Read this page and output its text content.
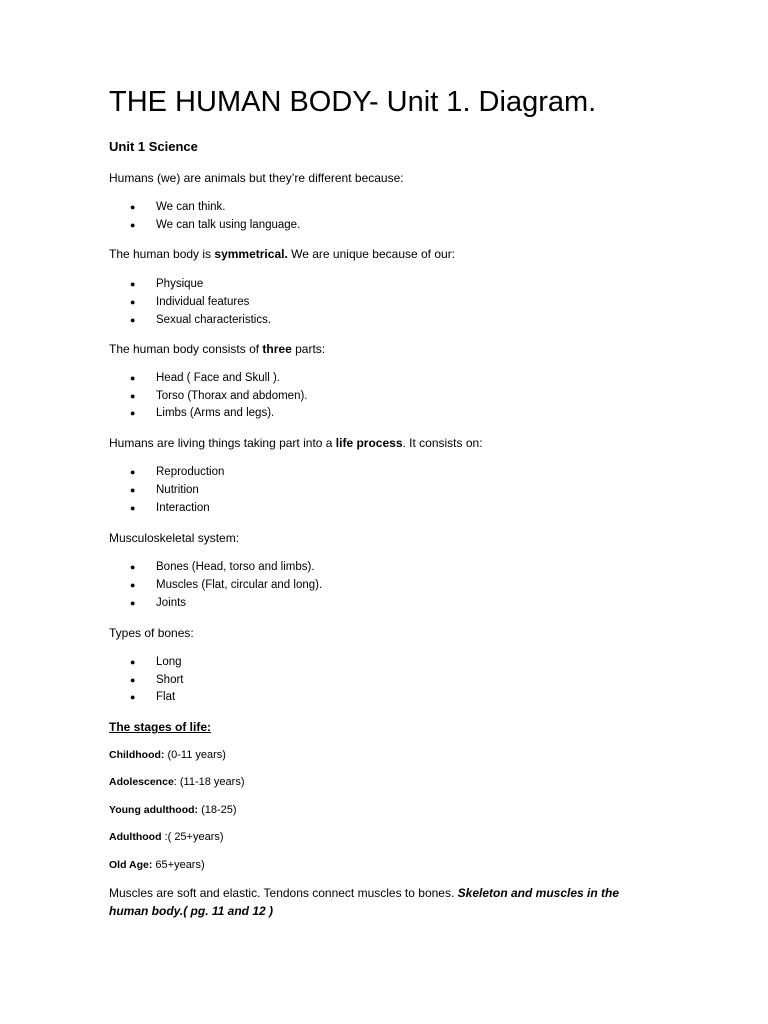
THE HUMAN BODY- Unit 1. Diagram.
Unit 1 Science
Humans (we) are animals but they’re different because:
● We can think.
● We can talk using language.
The human body is symmetrical. We are unique because of our:
● Physique
● Individual features
● Sexual characteristics.
The human body consists of three parts:
● Head ( Face and Skull ).
● Torso (Thorax and abdomen).
● Limbs (Arms and legs).
Humans are living things taking part into a life process. It consists on:
● Reproduction
● Nutrition
● Interaction
Musculoskeletal system:
● Bones (Head, torso and limbs).
● Muscles (Flat, circular and long).
● Joints
Types of bones:
● Long
● Short
● Flat
The stages of life:
Childhood: (0-11 years)
Adolescence: (11-18 years)
Young adulthood: (18-25)
Adulthood :( 25+years)
Old Age: 65+years)
Muscles are soft and elastic. Tendons connect muscles to bones. Skeleton and muscles in the human body.( pg. 11 and 12 )
